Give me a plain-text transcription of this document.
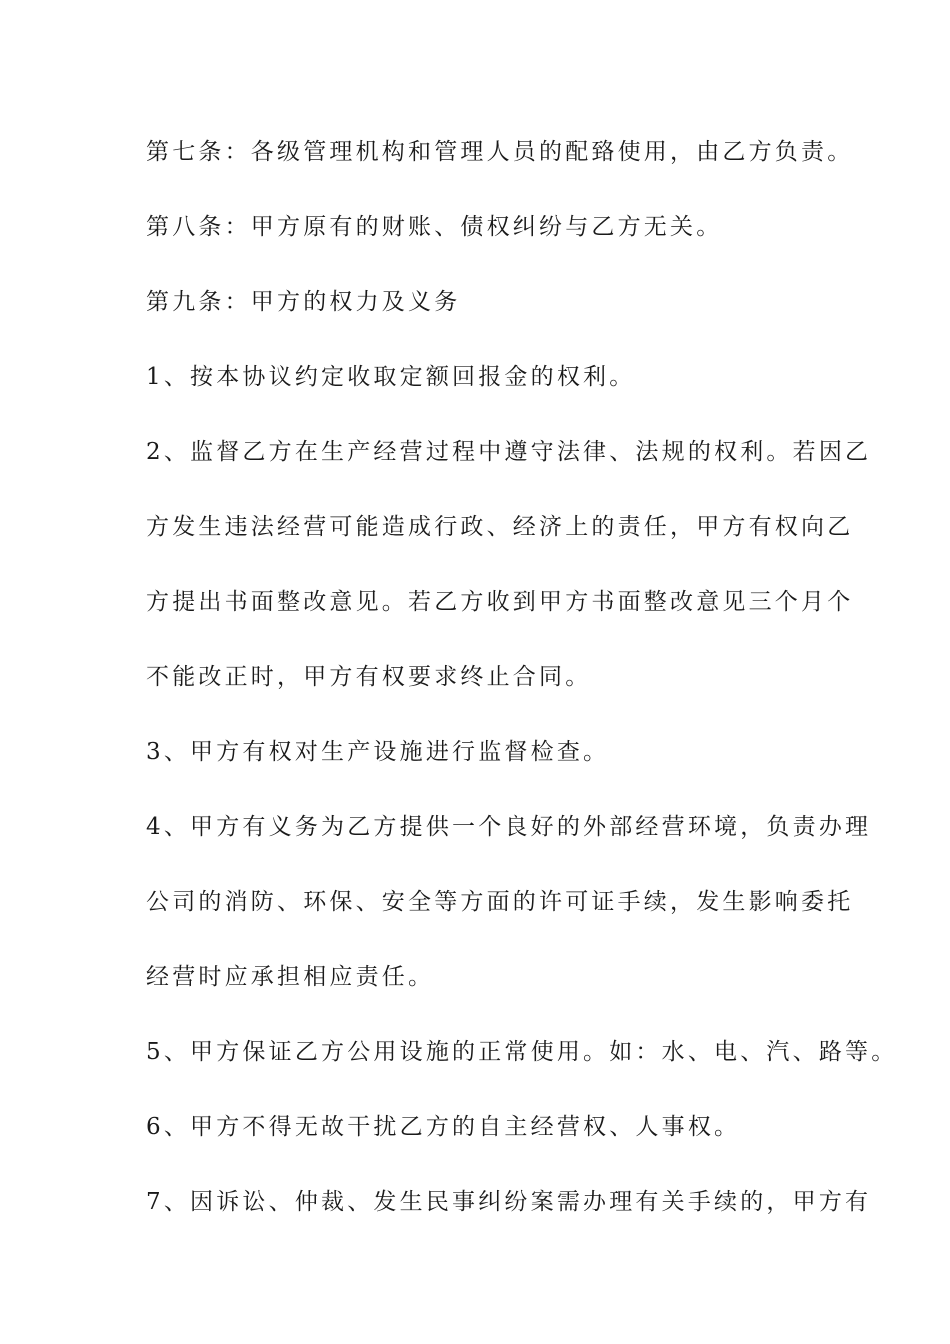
第七条：各级管理机构和管理人员的配臵使用，由乙方负责。
第八条：甲方原有的财账、债权纠纷与乙方无关。
第九条：甲方的权力及义务
1、按本协议约定收取定额回报金的权利。
2、监督乙方在生产经营过程中遵守法律、法规的权利。若因乙
方发生违法经营可能造成行政、经济上的责任，甲方有权向乙
方提出书面整改意见。若乙方收到甲方书面整改意见三个月个
不能改正时，甲方有权要求终止合同。
3、甲方有权对生产设施进行监督检查。
4、甲方有义务为乙方提供一个良好的外部经营环境，负责办理
公司的消防、环保、安全等方面的许可证手续，发生影响委托
经营时应承担相应责任。
5、甲方保证乙方公用设施的正常使用。如：水、电、汽、路等。
6、甲方不得无故干扰乙方的自主经营权、人事权。
7、因诉讼、仲裁、发生民事纠纷案需办理有关手续的，甲方有
